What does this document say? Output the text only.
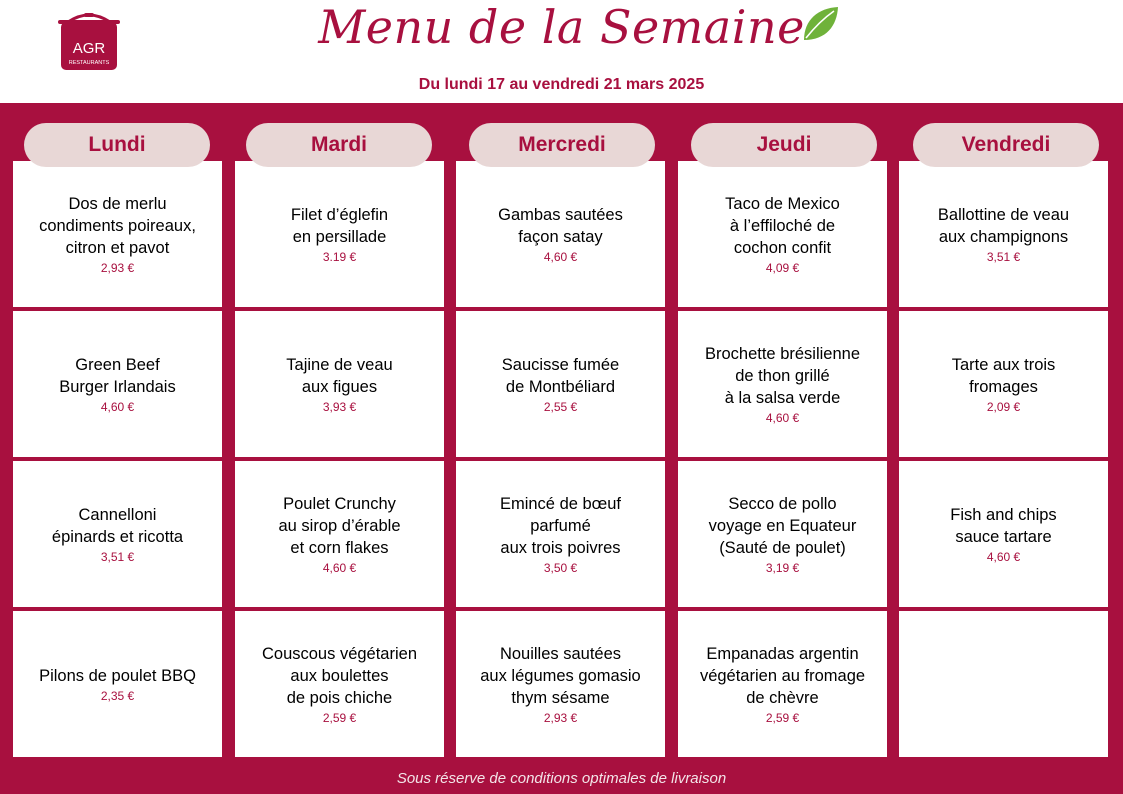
AGR
RESTAURANTS
Menu de la Semaine
Du lundi 17 au vendredi 21 mars 2025
Sous réserve de conditions optimales de livraison
Dos de merlu
condiments poireaux,
citron et pavot
2,93 €
Green Beef
Burger Irlandais
4,60 €
Cannelloni
épinards et ricotta
3,51 €
Pilons de poulet BBQ
2,35 €
Lundi
Filet d’églefin
en persillade
3.19 €
Tajine de veau
aux figues
3,93 €
Poulet Crunchy
au sirop d’érable
et corn flakes
4,60 €
Couscous végétarien
aux boulettes
de pois chiche
2,59 €
Mardi
Gambas sautées
façon satay
4,60 €
Saucisse fumée
de Montbéliard
2,55 €
Emincé de bœuf
parfumé
aux trois poivres
3,50 €
Nouilles sautées
aux légumes gomasio
thym sésame
2,93 €
Mercredi
Taco de Mexico
à l’effiloché de
cochon confit
4,09 €
Brochette brésilienne
de thon grillé
à la salsa verde
4,60 €
Secco de pollo
voyage en Equateur
(Sauté de poulet)

3,19 €
Empanadas argentin
végétarien au fromage
de chèvre
2,59 €
Jeudi
Ballottine de veau
aux champignons
3,51 €
Tarte aux trois
fromages
2,09 €
Fish and chips
sauce tartare
4,60 €
Vendredi
